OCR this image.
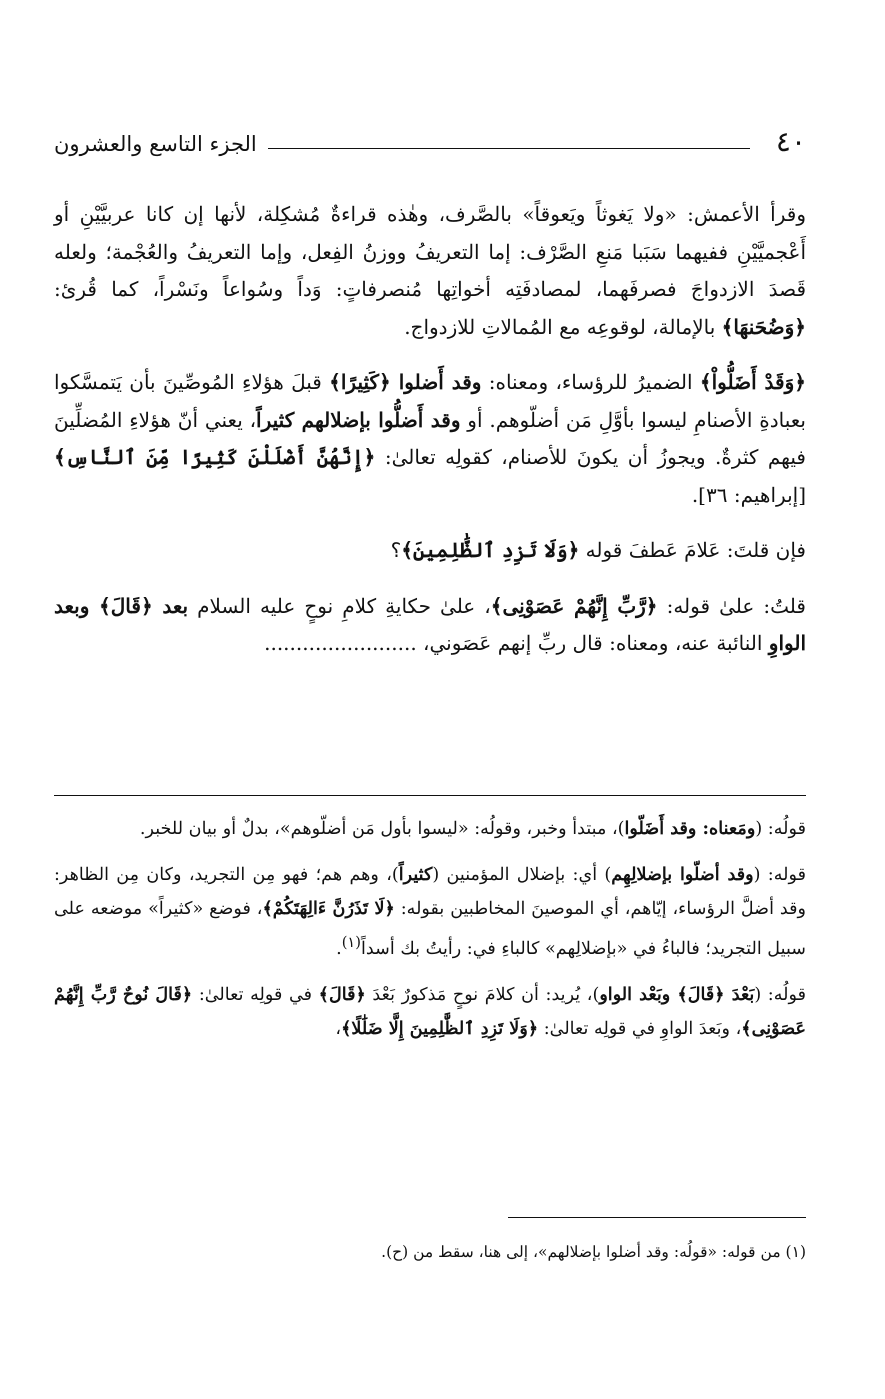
٤٠
الجزء التاسع والعشرون

وقرأ الأعمش: «ولا يَغوثاً ويَعوقاً» بالصَّرف، وهٰذه قراءةٌ مُشكِلة، لأنها إن كانا عربيَّيْنِ أو أَعْجميَّيْنِ ففيهما سَبَبا مَنعِ الصَّرْف: إما التعريفُ ووزنُ الفِعل، وإما التعريفُ والعُجْمة؛ ولعله قَصدَ الازدواجَ فصرفَهما، لمصادفَتِه أخواتِها مُنصرفاتٍ: وَداً وسُواعاً ونَسْراً، كما قُرئ: ﴿وَضُحَنهَا﴾ بالإمالة، لوقوعِه مع المُمالاتِ للازدواج.

﴿وَقَدْ أَضَلُّواْ﴾ الضميرُ للرؤساء، ومعناه: وقد أَضلوا ﴿كَثِيرًا﴾ قبلَ هؤلاءِ المُوصِّينَ بأن يَتمسَّكوا بعبادةِ الأصنامِ ليسوا بأوَّلِ مَن أضلّوهم. أو وقد أَضلُّوا بإضلالهم كثيراً، يعني أنّ هؤلاءِ المُضلِّينَ فيهم كثرةٌ. ويجوزُ أن يكونَ للأصنام، كقولِه تعالىٰ: ﴿إِنَّهُنَّ أَضْلَلْنَ كَثِيرًا مِّنَ ٱلنَّاسِ﴾ [إبراهيم: ٣٦].

فإن قلتَ: عَلامَ عَطفَ قوله ﴿وَلَا تَزِدِ ٱلظَّٰلِمِينَ﴾؟

قلتُ: علىٰ قوله: ﴿رَّبِّ إِنَّهُمْ عَصَوْنِى﴾، علىٰ حكايةِ كلامِ نوحٍ عليه السلام بعد ﴿قَالَ﴾ وبعد الواوِ النائبة عنه، ومعناه: قال ربِّ إنهم عَصَوني، ........................

قولُه: (ومَعناه: وقد أَضَلّوا)، مبتدأ وخبر، وقولُه: «ليسوا بأول مَن أضلّوهم»، بدلٌ أو بيان للخبر.

قوله: (وقد أضلّوا بإضلالِهِم) أي: بإضلال المؤمنين (كثيراً)، وهم هم؛ فهو مِن التجريد، وكان مِن الظاهر: وقد أضلَّ الرؤساء، إيّاهم، أي الموصينَ المخاطبين بقوله: ﴿لَا تَذَرُنَّ ءَالِهَتَكُمْ﴾، فوضع «كثيراً» موضعه على سبيل التجريد؛ فالباءُ في «بإضلالِهم» كالباءِ في: رأيتُ بك أسداً$^{(١)}$.

قولُه: (بَعْدَ ﴿قَالَ﴾ وبَعْد الواو)، يُريد: أن كلامَ نوحٍ مَذكورٌ بَعْدَ ﴿قَالَ﴾ في قولِه تعالىٰ: ﴿قَالَ نُوحٌ رَّبِّ إِنَّهُمْ عَصَوْنِى﴾، وبَعدَ الواوِ في قولِه تعالىٰ: ﴿وَلَا تَزِدِ ٱلظَّٰلِمِينَ إِلَّا ضَلَٰلًا﴾،

(١) من قوله: «قولُه: وقد أضلوا بإضلالهم»، إلى هنا، سقط من (ح).
